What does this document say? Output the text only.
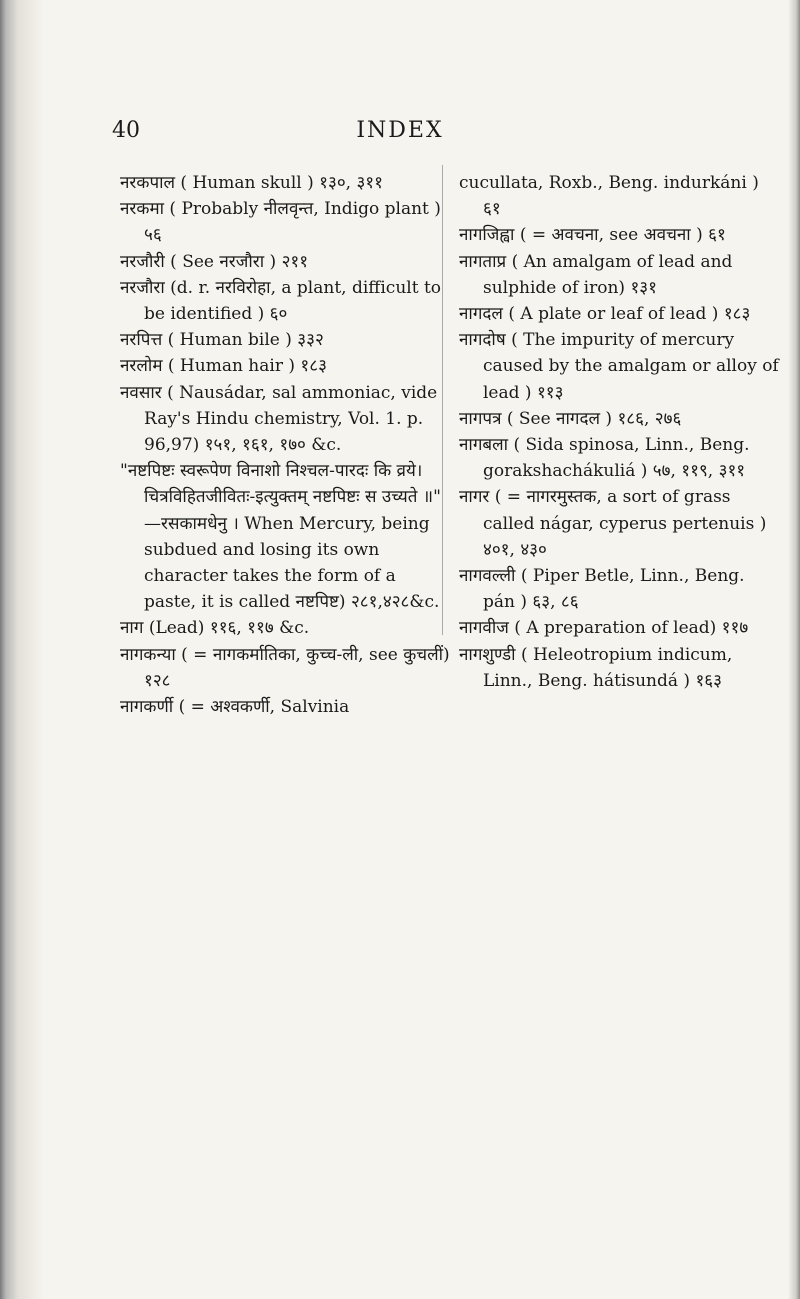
40	INDEX

नरकपाल ( Human skull ) १३०, ३११

नरकमा ( Probably नीलवृन्त, Indigo plant ) ५६

नरजौरी ( See नरजौरा ) २११

नरजौरा (d. r. नरविरोहा, a plant, difficult to be identified ) ६०

नरपित्त ( Human bile ) ३३२

नरलोम ( Human hair ) १८३

नवसार ( Nausádar, sal ammoniac, vide Ray's Hindu chemistry, Vol. 1. p. 96,97) १५१, १६१, १७० &c.

"नष्टपिष्टः स्वरूपेण विनाशो निश्चल-पारदः कि व्रये। चित्रविहितजीवितः-इत्युक्तम् नष्टपिष्टः स उच्यते ॥" —रसकामधेनु । When Mercury, being subdued and losing its own character takes the form of a paste, it is called नष्टपिष्ट) २८१,४२८&c.

नाग (Lead) ११६, ११७ &c.

नागकन्या ( = नागकर्मातिका, कुच्च-ली, see कुचलीं) १२८

नागकर्णी ( = अश्वकर्णी, Salvinia

cucullata, Roxb., Beng. indurkáni ) ६१

नागजिह्वा ( = अवचना, see अवचना ) ६१

नागताप्र ( An amalgam of lead and sulphide of iron) १३१

नागदल ( A plate or leaf of lead ) १८३

नागदोष ( The impurity of mercury caused by the amalgam or alloy of lead ) ११३

नागपत्र ( See नागदल ) १८६, २७६

नागबला ( Sida spinosa, Linn., Beng. gorakshachákuliá ) ५७, ११९, ३११

नागर ( = नागरमुस्तक, a sort of grass called nágar, cyperus pertenuis ) ४०१, ४३०

नागवल्ली ( Piper Betle, Linn., Beng. pán ) ६३, ८६

नागवीज ( A preparation of lead) ११७

नागशुण्डी ( Heleotropium indicum, Linn., Beng. hátisundá ) १६३
